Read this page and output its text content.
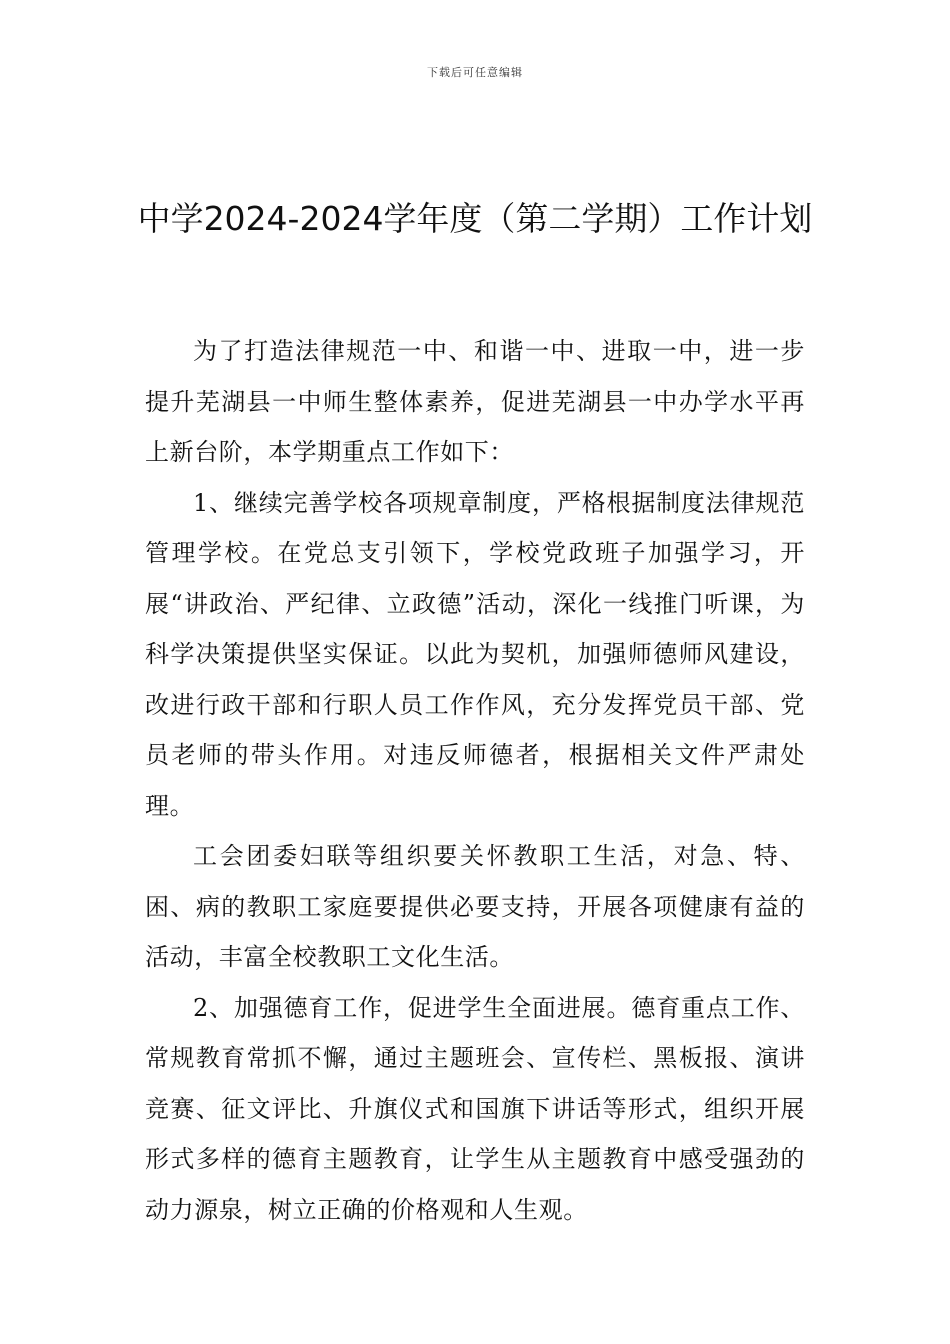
下载后可任意编辑
中学2024-2024学年度（第二学期）工作计划

为了打造法律规范一中、和谐一中、进取一中，进一步提升芜湖县一中师生整体素养，促进芜湖县一中办学水平再上新台阶，本学期重点工作如下：

1、继续完善学校各项规章制度，严格根据制度法律规范管理学校。在党总支引领下，学校党政班子加强学习，开展“讲政治、严纪律、立政德”活动，深化一线推门听课，为科学决策提供坚实保证。以此为契机，加强师德师风建设，改进行政干部和行职人员工作作风，充分发挥党员干部、党员老师的带头作用。对违反师德者，根据相关文件严肃处理。

工会团委妇联等组织要关怀教职工生活，对急、特、困、病的教职工家庭要提供必要支持，开展各项健康有益的活动，丰富全校教职工文化生活。

2、加强德育工作，促进学生全面进展。德育重点工作、常规教育常抓不懈，通过主题班会、宣传栏、黑板报、演讲竞赛、征文评比、升旗仪式和国旗下讲话等形式，组织开展形式多样的德育主题教育，让学生从主题教育中感受强劲的动力源泉，树立正确的价格观和人生观。
